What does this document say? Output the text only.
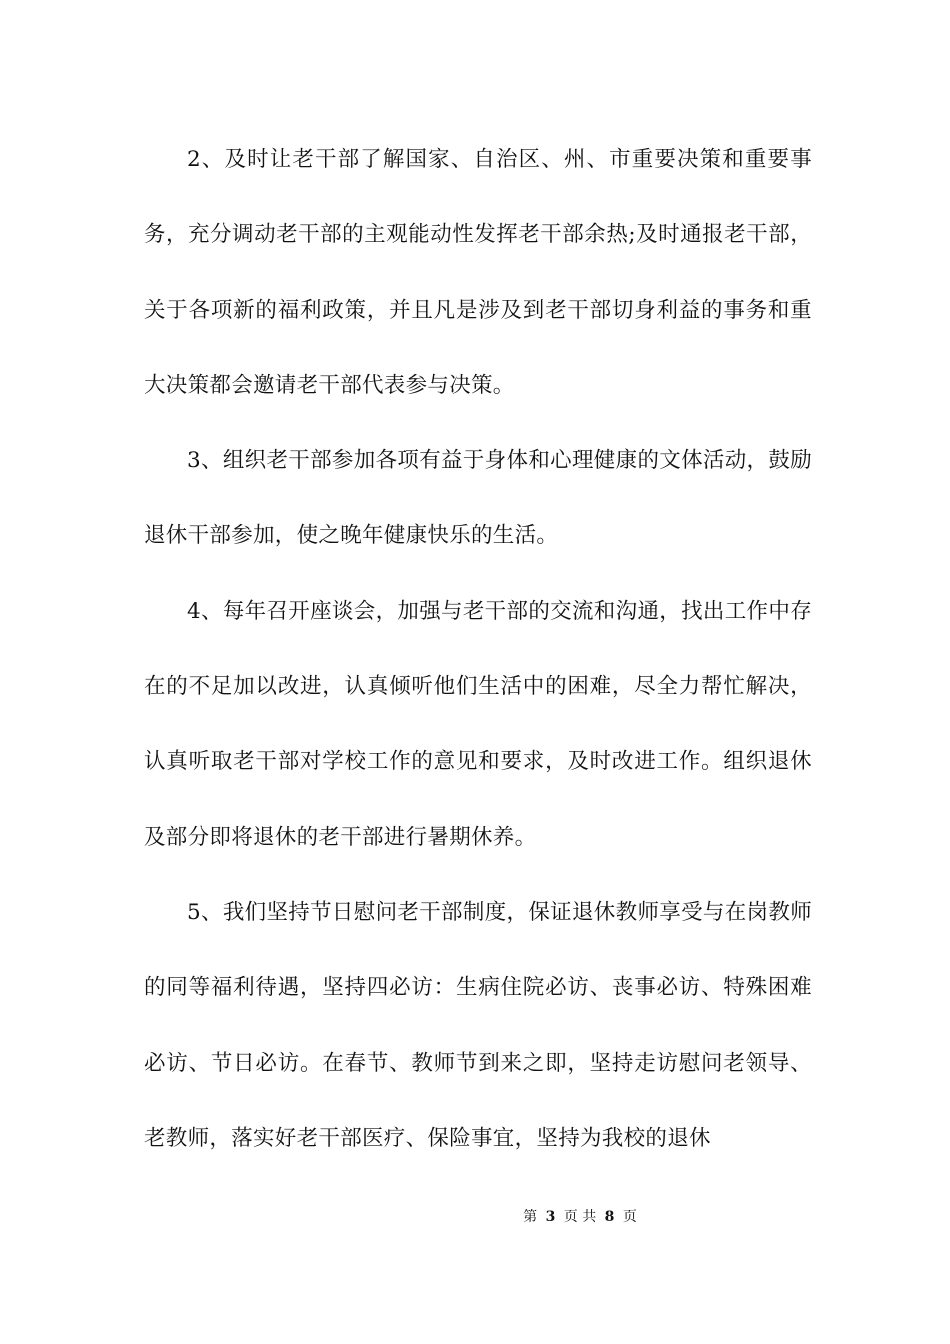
2、及时让老干部了解国家、自治区、州、市重要决策和重要事务，充分调动老干部的主观能动性发挥老干部余热;及时通报老干部，关于各项新的福利政策，并且凡是涉及到老干部切身利益的事务和重大决策都会邀请老干部代表参与决策。

3、组织老干部参加各项有益于身体和心理健康的文体活动，鼓励退休干部参加，使之晚年健康快乐的生活。

4、每年召开座谈会，加强与老干部的交流和沟通，找出工作中存在的不足加以改进，认真倾听他们生活中的困难，尽全力帮忙解决，认真听取老干部对学校工作的意见和要求，及时改进工作。组织退休及部分即将退休的老干部进行暑期休养。

5、我们坚持节日慰问老干部制度，保证退休教师享受与在岗教师的同等福利待遇，坚持四必访：生病住院必访、丧事必访、特殊困难必访、节日必访。在春节、教师节到来之即，坚持走访慰问老领导、老教师，落实好老干部医疗、保险事宜，坚持为我校的退休

第 3 页 共 8 页
